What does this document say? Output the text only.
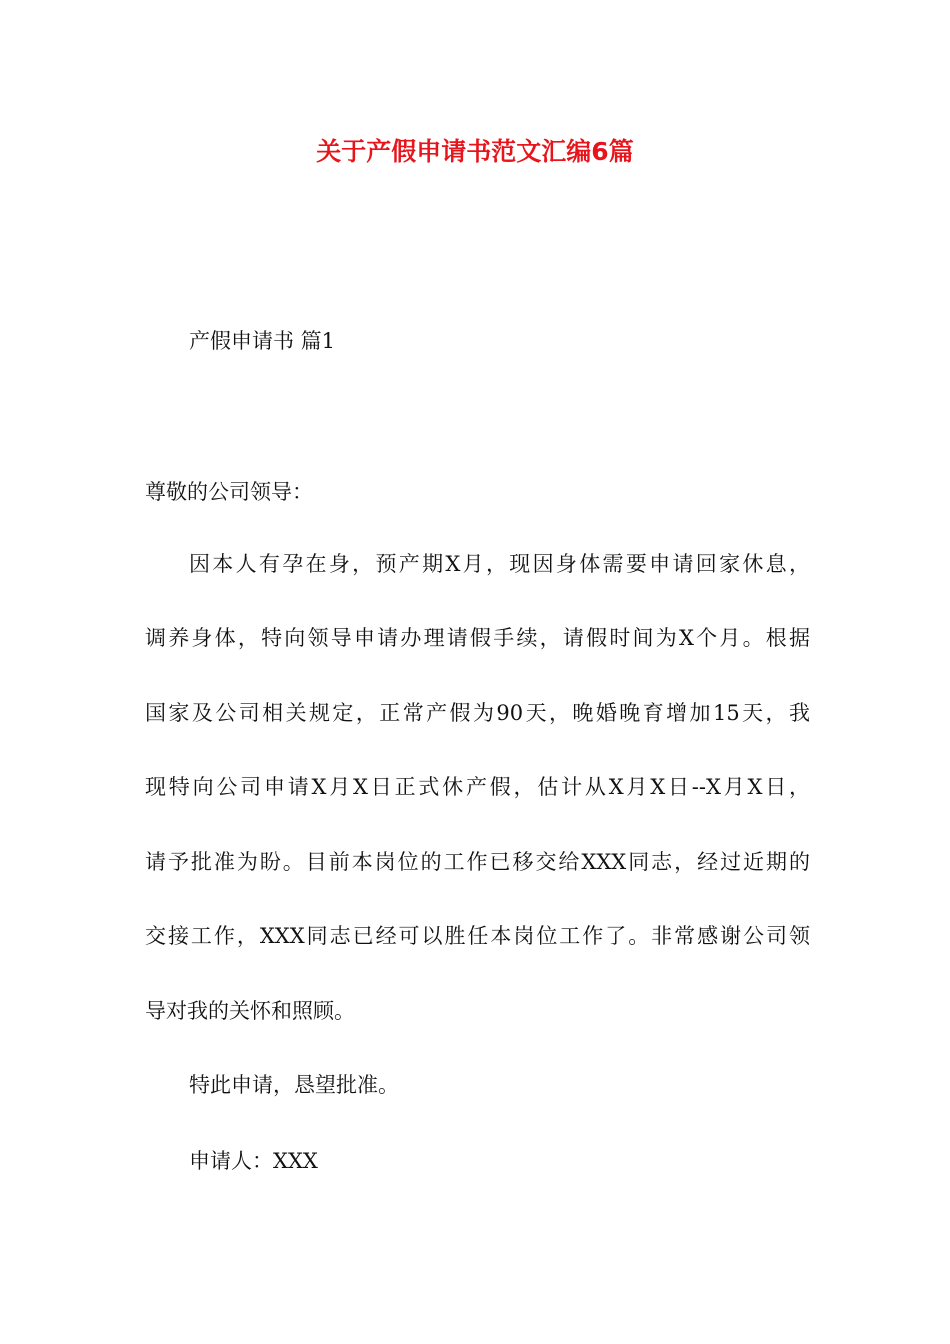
关于产假申请书范文汇编6篇
产假申请书 篇1
尊敬的公司领导：
因本人有孕在身，预产期X月，现因身体需要申请回家休息，
调养身体，特向领导申请办理请假手续，请假时间为X个月。根据
国家及公司相关规定，正常产假为90天，晚婚晚育增加15天，我
现特向公司申请X月X日正式休产假，估计从X月X日--X月X日，
请予批准为盼。目前本岗位的工作已移交给XXX同志，经过近期的
交接工作，XXX同志已经可以胜任本岗位工作了。非常感谢公司领
导对我的关怀和照顾。
特此申请，恳望批准。
申请人：XXX
